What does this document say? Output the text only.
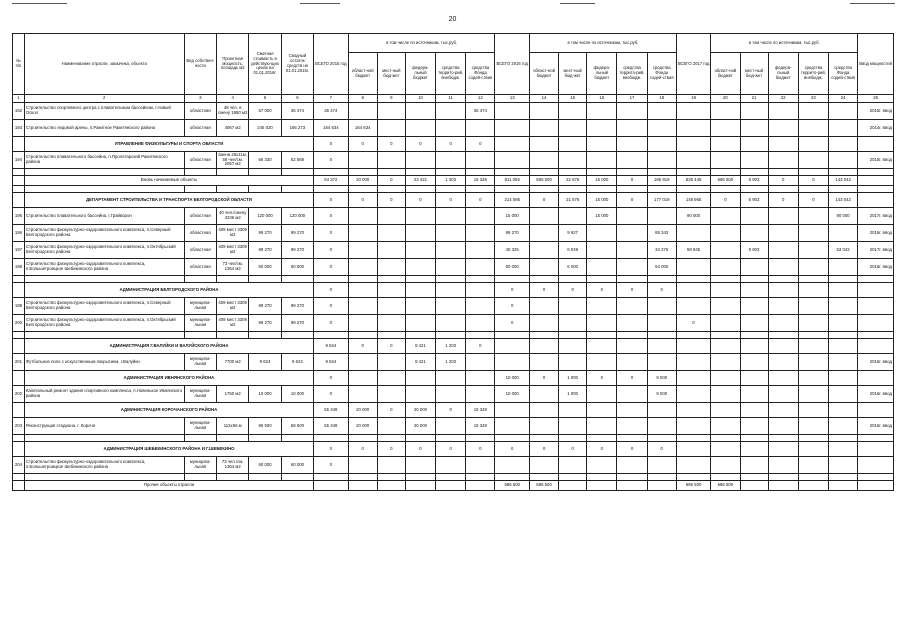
20
№ п/п	Наименование отрасли, заказчика, объекта	Вид собствен-ности	Проектная мощность, площадь м2	Сметная стоимость в действую-щих ценах на 01.01.2016г.	Сводный остаток средств на 01.01.2015г.	ВСЕГО 2015 год	в том числе по источникам, тыс.руб.					ВСЕГО 2016 год	в том числе по источникам, тыс.руб.					ВСЕГО 2017 год	в том числе по источникам, тыс.руб.					Ввод мощностей
							област-ной бюджет	мест-ный бюд-жет	федера-льный бюджет	средства террито-рий, внебюдж.	средства Фонда содей-ствия		област-ной бюджет	мест-ный бюд-жет	федера-льный бюджет	средства террито-рий, внебюдж.	средства Фонда содей-ствия		област-ной бюджет	мест-ный бюд-жет	федера-льный бюджет	средства террито-рий, внебюдж.	средства Фонда содей-ствия	
1	2	3	4	5	6	7	8	9	10	11	12	13	14	15	16	17	18	19	20	21	22	23	24	25
192	Строительство спортивного центра с плавательным бассейном, г.Новый Оскол	областная	48 чел. в смену 1950 м2	67 000	36 474	36 474					36 474													2015г. ввод
193	Строительство ледовой арены, п.Ракитное Ракитянского района	областная	4067 м2	245 020	166 273	164 634	164 634																	2014г. ввод
	УПРАВЛЕНИЕ ФИЗКУЛЬТУРЫ И СПОРТА ОБЛАСТИ					0	0	0	0	0	0													
194	Строительство плавательного бассейна, п.Пролетарский Ракитянского района	областная	ванна 25х11м, 58 чел/см. 2057 м2	66 330	62 568	0																		2015г. ввод

	Вновь начинаемые объекты					54 372	20 000	0	23 421	1 303	15 348	811 055	585 500	22 676	15 000	0	186 919	835 445	686 500	5 903	0	0	143 042	

	ДЕПАРТАМЕНТ СТРОИТЕЛЬСТВА И ТРАНСПОРТА БЕЛГОРОДСКОЙ ОБЛАСТИ					0	0	0	0	0	0	214 595	0	21 576	15 000	0	177 019	148 965	0	5 903	0	0	143 042	
195	Строительство плавательного бассейна, г.Грайворон	областная	40 чел./смену 4236 м2	120 000	120 000	0						15 000			15 000			90 000					90 000	2017г. ввод
196	Строительство физкультурно-оздоровительного комплекса, п.Северный Белгородского района	областная	409 мест 3309 м2	99 270	99 270	0						99 270		9 927			89 343							2016г. ввод
197	Строительство физкультурно-оздоровительного комплекса, п.Октябрьский Белгородского района	областная	409 мест 3309 м2	99 270	99 270	0						40 325		6 049			34 276	58 945		5 903			53 042	2017г. ввод
198	Строительство физкультурно-оздоровительного комплекса, п.Большетроицкое Шебекинского района	областная	73 чел/см. 1364 м2	60 000	60 000	0						60 000		6 000			54 000							2016г. ввод

	АДМИНИСТРАЦИЯ БЕЛГОРОДСКОГО РАЙОНА					0						0	0	0	0	0	0							
199	Строительство физкультурно-оздоровительного комплекса, п.Северный Белгородского района	муниципа-льная	409 мест 3309 м2	99 270	99 270	0						0												
200	Строительство физкультурно-оздоровительного комплекса, п.Октябрьский Белгородского района	муниципа-льная	409 мест 3309 м2	99 270	99 270	0						0						0						

	АДМИНИСТРАЦИЯ Г.ВАЛУЙКИ И ВАЛУЙСКОГО РАЙОНА					9 624	0	0	8 421	1 203	0													
201	Футбольное поле с искусственным покрытием, г.Валуйки	муниципа-льная	7700 м2	9 624	9 624	9 624			8 421	1 203														2015г. ввод
	АДМИНИСТРАЦИЯ ИВНЯНСКОГО РАЙОНА					0						10 000	0	1 000	0	0	9 000							
202	Капитальный ремонт здания спортивного комплекса, п.Новенькое Ивнянского района	муниципа-льная	1750 м2	10 000	10 000	0						10 000		1 000			9 000							2016г. ввод
	АДМИНИСТРАЦИЯ КОРОЧАНСКОГО РАЙОНА					55 348	20 000	0	20 000	0	15 348													
203	Реконструкция стадиона, г. Короча	муниципа-льная	112х65 м	96 500	58 500	55 348	20 000		20 000		15 348													2015г. ввод

	АДМИНИСТРАЦИЯ ШЕБЕКИНСКОГО РАЙОНА И Г.ШЕБЕКИНО					0	0	0	0	0	0	0	0	0	0	0	0							
204	Строительство физкультурно-оздоровительного комплекса, п.Большетроицкое Шебекинского района	муниципа-льная	73 чел./см. 1364 м2	60 000	60 000	0																		

	Прочие объекты отрасли											586 500	586 500					686 500	686 500					
